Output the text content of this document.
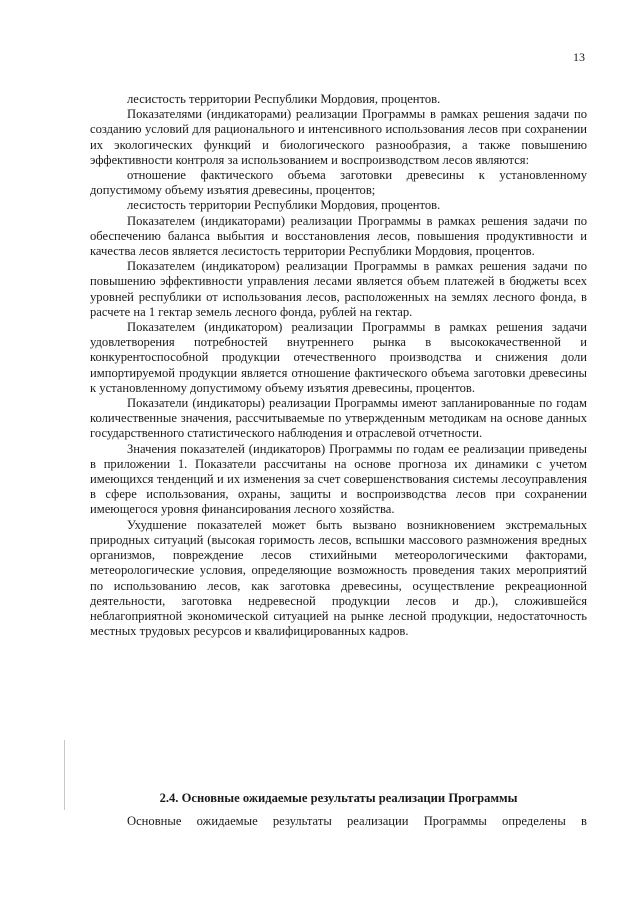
13

лесистость территории Республики Мордовия, процентов.

Показателями (индикаторами) реализации Программы в рамках решения задачи по созданию условий для рационального и интенсивного использования лесов при сохранении их экологических функций и биологического разнообразия, а также повышению эффективности контроля за использованием и воспроизводством лесов являются:

отношение фактического объема заготовки древесины к установленному допустимому объему изъятия древесины, процентов;

лесистость территории Республики Мордовия, процентов.

Показателем (индикаторами) реализации Программы в рамках решения задачи по обеспечению баланса выбытия и восстановления лесов, повышения продуктивности и качества лесов является лесистость территории Республики Мордовия, процентов.

Показателем (индикатором) реализации Программы в рамках решения задачи по повышению эффективности управления лесами является объем платежей в бюджеты всех уровней республики от использования лесов, расположенных на землях лесного фонда, в расчете на 1 гектар земель лесного фонда, рублей на гектар.

Показателем (индикатором) реализации Программы в рамках решения задачи удовлетворения потребностей внутреннего рынка в высококачественной и конкурентоспособной продукции отечественного производства и снижения доли импортируемой продукции является отношение фактического объема заготовки древесины к установленному допустимому объему изъятия древесины, процентов.

Показатели (индикаторы) реализации Программы имеют запланированные по годам количественные значения, рассчитываемые по утвержденным методикам на основе данных государственного статистического наблюдения и отраслевой отчетности.

Значения показателей (индикаторов) Программы по годам ее реализации приведены в приложении 1. Показатели рассчитаны на основе прогноза их динамики с учетом имеющихся тенденций и их изменения за счет совершенствования системы лесоуправления в сфере использования, охраны, защиты и воспроизводства лесов при сохранении имеющегося уровня финансирования лесного хозяйства.

Ухудшение показателей может быть вызвано возникновением экстремальных природных ситуаций (высокая горимость лесов, вспышки массового размножения вредных организмов, повреждение лесов стихийными метеорологическими факторами, метеорологические условия, определяющие возможность проведения таких мероприятий по использованию лесов, как заготовка древесины, осуществление рекреационной деятельности, заготовка недревесной продукции лесов и др.), сложившейся неблагоприятной экономической ситуацией на рынке лесной продукции, недостаточность местных трудовых ресурсов и квалифицированных кадров.

2.4. Основные ожидаемые результаты реализации Программы
Основные ожидаемые результаты реализации Программы определены в
